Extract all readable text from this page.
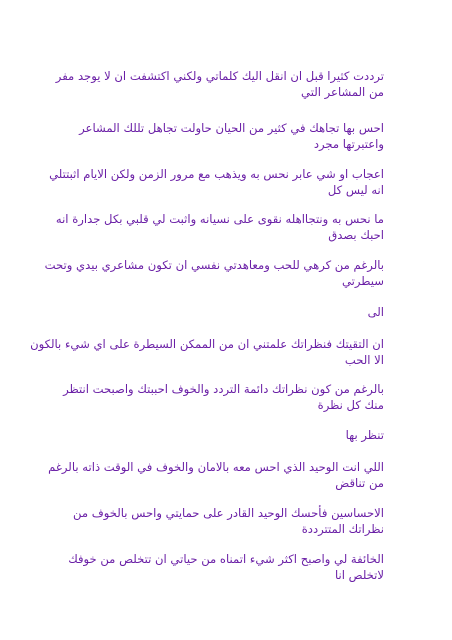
ترددت كثيرا قبل ان انقل اليك كلماتي ولكني اكتشفت ان لا يوجد مفر
من المشاعر التي

احس بها تجاهك في كثير من الحيان حاولت تجاهل تللك المشاعر
واعتبرتها مجرد

اعجاب او شي عابر نحس به ويذهب مع مرور الزمن ولكن الايام اثبتتلي
انه ليس كل

ما نحس به ونتجااهله نقوى على نسيانه واثبت لي قلبي بكل جدارة انه
احبك بصدق

بالرغم من كرهي للحب ومعاهدتي نفسي ان تكون مشاعري بيدي وتحت
سيطرتي

الى

ان التقيتك فنظراتك علمتني ان من الممكن السيطرة على اي شيء بالكون
الا الحب

بالرغم من كون نظراتك دائمة التردد والخوف احببتك واصبحت انتظر
منك كل نظرة

تنظر بها

اللي انت الوحيد الذي احس معه بالامان والخوف في الوقت ذاته بالرغم
من تناقض

الاحساسين فأحسك الوحيد القادر على حمايتي واحس بالخوف من
نظراتك المتترددة

الخائفة لي واصبح اكثر شيء اتمناه من حياتي ان تتخلص من خوفك
لاتخلص انا
